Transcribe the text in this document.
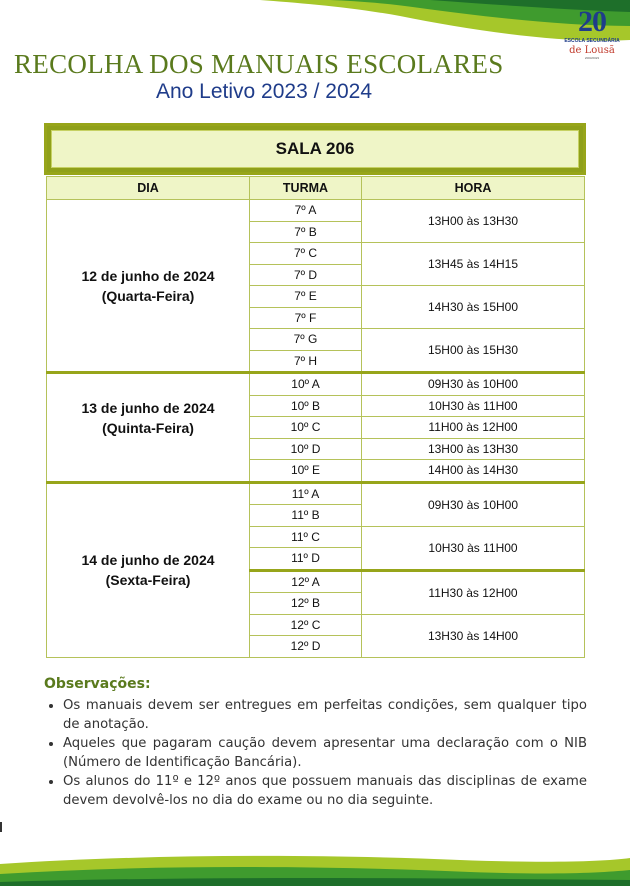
20
ESCOLA SECUNDÁRIA
de Lousã
2003/2023
RECOLHA DOS MANUAIS ESCOLARES
Ano Letivo 2023 / 2024
SALA 206
DIA	TURMA	HORA
12 de junho de 2024
(Quarta-Feira)	7º A	13H00 às 13H30
	7º B	
	7º C	13H45 às 14H15
	7º D	
	7º E	14H30 às 15H00
	7º F	
	7º G	15H00 às 15H30
	7º H	
13 de junho de 2024
(Quinta-Feira)	10º A	09H30 às 10H00
	10º B	10H30 às 11H00
	10º C	11H00 às 12H00
	10º D	13H00 às 13H30
	10º E	14H00 às 14H30
14 de junho de 2024
(Sexta-Feira)	11º A	09H30 às 10H00
	11º B	
	11º C	10H30 às 11H00
	11º D	
	12º A	11H30 às 12H00
	12º B	
	12º C	13H30 às 14H00
	12º D	
Observações:
• Os manuais devem ser entregues em perfeitas condições, sem qualquer tipo de anotação.
• Aqueles que pagaram caução devem apresentar uma declaração com o NIB (Número de Identificação Bancária).
• Os alunos do 11º e 12º anos que possuem manuais das disciplinas de exame devem devolvê-los no dia do exame ou no dia seguinte.
